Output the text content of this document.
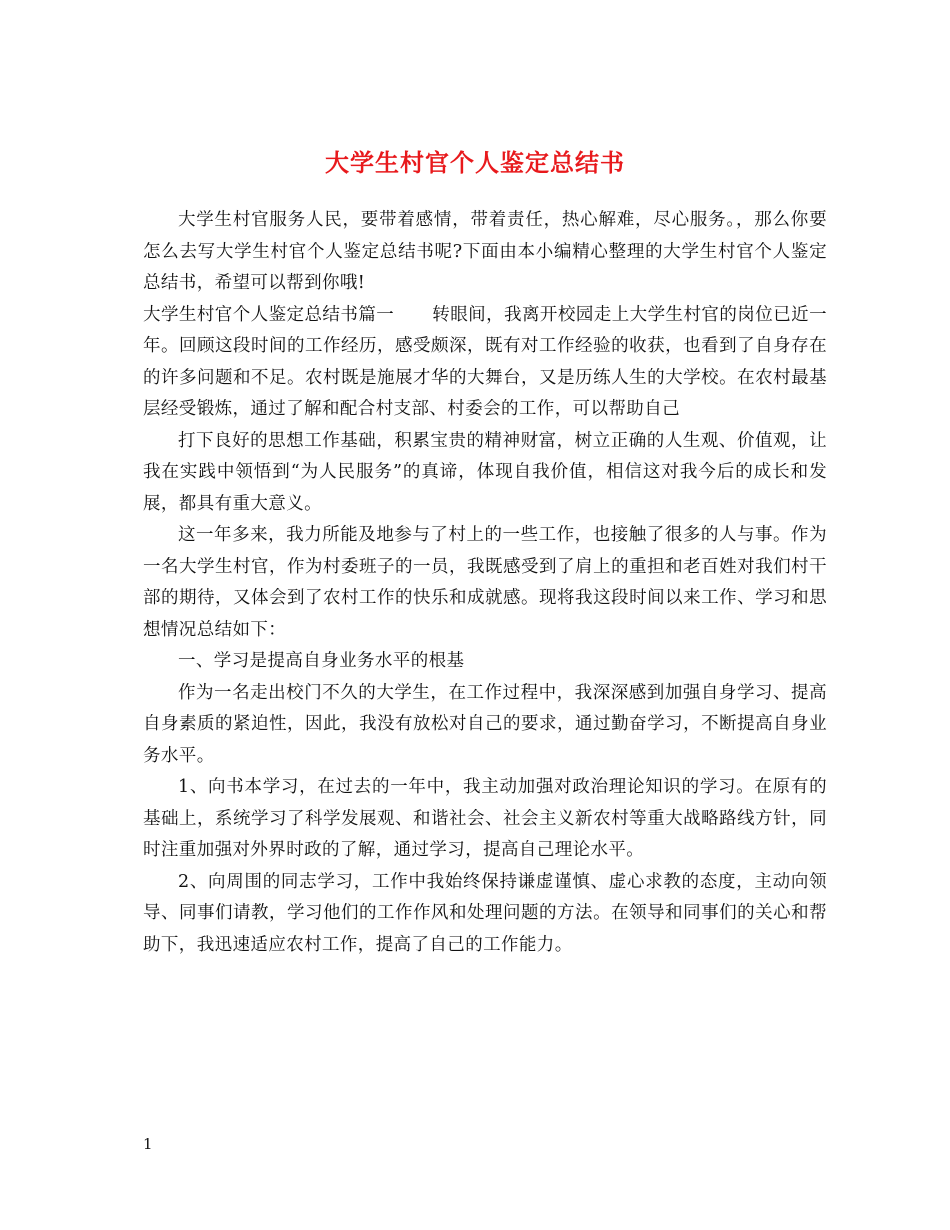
大学生村官个人鉴定总结书

大学生村官服务人民，要带着感情，带着责任，热心解难，尽心服务。，那么你要怎么去写大学生村官个人鉴定总结书呢?下面由本小编精心整理的大学生村官个人鉴定总结书，希望可以帮到你哦!

大学生村官个人鉴定总结书篇一 转眼间，我离开校园走上大学生村官的岗位已近一年。回顾这段时间的工作经历，感受颇深，既有对工作经验的收获，也看到了自身存在的许多问题和不足。农村既是施展才华的大舞台，又是历练人生的大学校。在农村最基层经受锻炼，通过了解和配合村支部、村委会的工作，可以帮助自己

打下良好的思想工作基础，积累宝贵的精神财富，树立正确的人生观、价值观，让我在实践中领悟到“为人民服务”的真谛，体现自我价值，相信这对我今后的成长和发展，都具有重大意义。

这一年多来，我力所能及地参与了村上的一些工作，也接触了很多的人与事。作为一名大学生村官，作为村委班子的一员，我既感受到了肩上的重担和老百姓对我们村干部的期待，又体会到了农村工作的快乐和成就感。现将我这段时间以来工作、学习和思想情况总结如下：

一、学习是提高自身业务水平的根基

作为一名走出校门不久的大学生，在工作过程中，我深深感到加强自身学习、提高自身素质的紧迫性，因此，我没有放松对自己的要求，通过勤奋学习，不断提高自身业务水平。

1、向书本学习，在过去的一年中，我主动加强对政治理论知识的学习。在原有的基础上，系统学习了科学发展观、和谐社会、社会主义新农村等重大战略路线方针，同时注重加强对外界时政的了解，通过学习，提高自己理论水平。

2、向周围的同志学习，工作中我始终保持谦虚谨慎、虚心求教的态度，主动向领导、同事们请教，学习他们的工作作风和处理问题的方法。在领导和同事们的关心和帮助下，我迅速适应农村工作，提高了自己的工作能力。

1
